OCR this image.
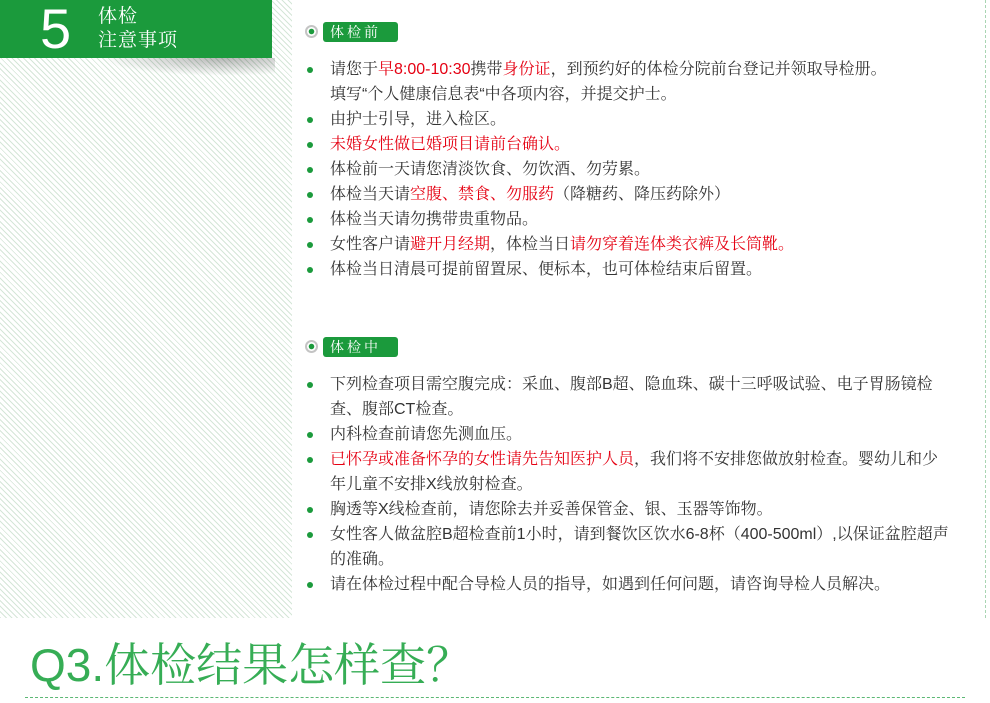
5 体检
注意事项	体检前
请您于早8:00-10:30携带身份证，到预约好的体检分院前台登记并领取导检册。
填写“个人健康信息表“中各项内容，并提交护士。
由护士引导，进入检区。
未婚女性做已婚项目请前台确认。
体检前一天请您清淡饮食、勿饮酒、勿劳累。
体检当天请空腹、禁食、勿服药（降糖药、降压药除外）
体检当天请勿携带贵重物品。
女性客户请避开月经期，体检当日请勿穿着连体类衣裤及长筒靴。
体检当日清晨可提前留置尿、便标本，也可体检结束后留置。
体检中
下列检查项目需空腹完成：采血、腹部B超、隐血珠、碳十三呼吸试验、电子胃肠镜检
查、腹部CT检查。
内科检查前请您先测血压。
已怀孕或准备怀孕的女性请先告知医护人员，我们将不安排您做放射检查。婴幼儿和少
年儿童不安排X线放射检查。
胸透等X线检查前，请您除去并妥善保管金、银、玉器等饰物。
女性客人做盆腔B超检查前1小时，请到餐饮区饮水6-8杯（400-500ml）,以保证盆腔超声
的准确。
请在体检过程中配合导检人员的指导，如遇到任何问题，请咨询导检人员解决。
Q3.体检结果怎样查？
